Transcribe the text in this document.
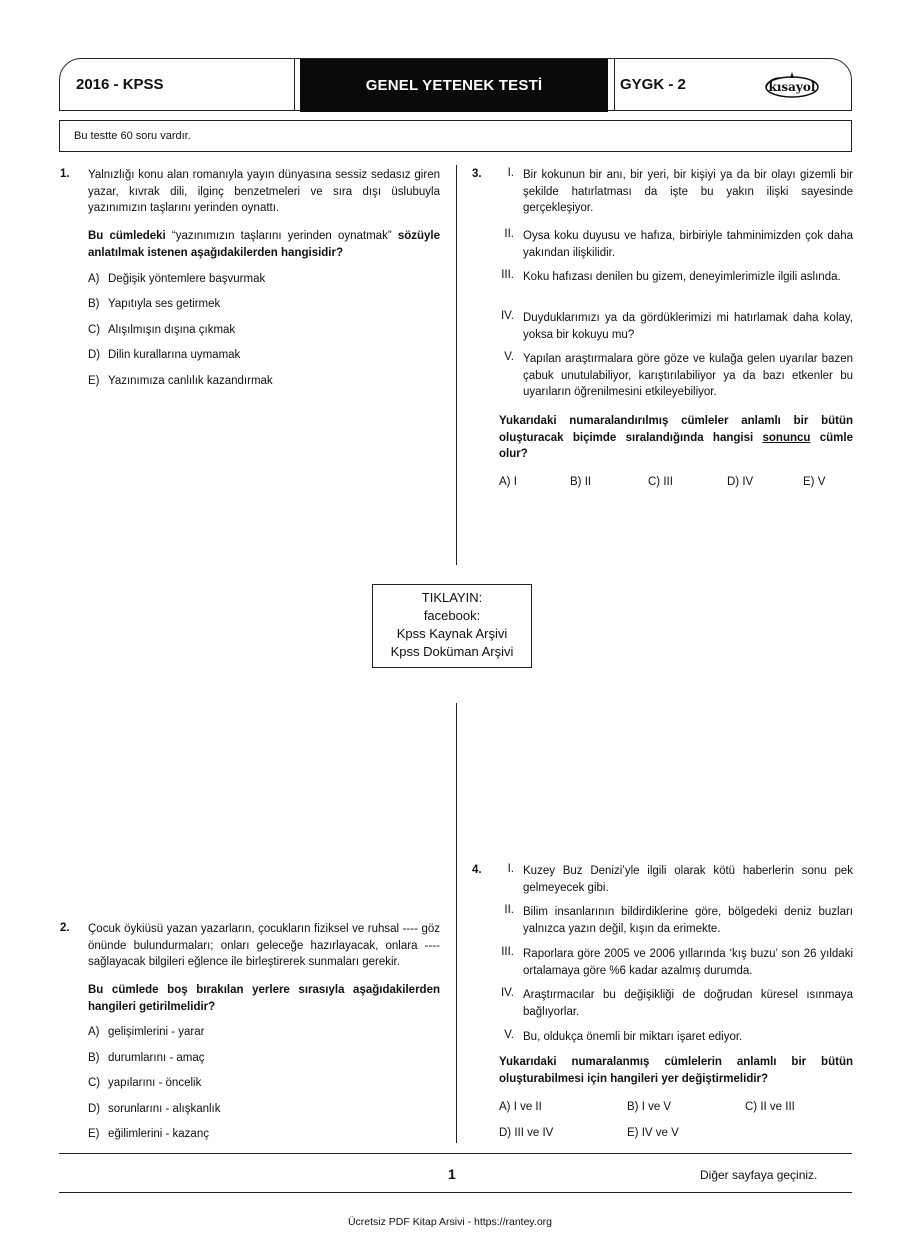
2016 - KPSS	GENEL YETENEK TESTİ	GYGK - 2	kısayol
Bu testte 60 soru vardır.
1. Yalnızlığı konu alan romanıyla yayın dünyasına sessiz sedasız giren yazar, kıvrak dili, ilginç benzetmeleri ve sıra dışı üslubuyla yazınımızın taşlarını yerinden oynattı.
Bu cümledeki “yazınımızın taşlarını yerinden oynatmak” sözüyle anlatılmak istenen aşağıdakilerden hangisidir?
A) Değişik yöntemlere başvurmak
B) Yapıtıyla ses getirmek
C) Alışılmışın dışına çıkmak
D) Dilin kurallarına uymamak
E) Yazınımıza canlılık kazandırmak
3.	I. Bir kokunun bir anı, bir yeri, bir kişiyi ya da bir olayı gizemli bir şekilde hatırlatması da işte bu yakın ilişki sayesinde gerçekleşiyor.
II. Oysa koku duyusu ve hafıza, birbiriyle tahminimizden çok daha yakından ilişkilidir.
III. Koku hafızası denilen bu gizem, deneyimlerimizle ilgili aslında.
IV. Duyduklarımızı ya da gördüklerimizi mi hatırlamak daha kolay, yoksa bir kokuyu mu?
V. Yapılan araştırmalara göre göze ve kulağa gelen uyarılar bazen çabuk unutulabiliyor, karıştırılabiliyor ya da bazı etkenler bu uyarıların öğrenilmesini etkileyebiliyor.
Yukarıdaki numaralandırılmış cümleler anlamlı bir bütün oluşturacak biçimde sıralandığında hangisi sonuncu cümle olur?
A) I	B) II	C) III	D) IV	E) V
TIKLAYIN:
facebook:
Kpss Kaynak Arşivi
Kpss Doküman Arşivi
4.	I. Kuzey Buz Denizi’yle ilgili olarak kötü haberlerin sonu pek gelmeyecek gibi.
II. Bilim insanlarının bildirdiklerine göre, bölgedeki deniz buzları yalnızca yazın değil, kışın da erimekte.
III. Raporlara göre 2005 ve 2006 yıllarında ‘kış buzu’ son 26 yıldaki ortalamaya göre %6 kadar azalmış durumda.
IV. Araştırmacılar bu değişikliği de doğrudan küresel ısınmaya bağlıyorlar.
V. Bu, oldukça önemli bir miktarı işaret ediyor.
Yukarıdaki numaralanmış cümlelerin anlamlı bir bütün oluşturabilmesi için hangileri yer değiştirmelidir?
A) I ve II	B) I ve V	C) II ve III
D) III ve IV	E) IV ve V
2. Çocuk öykiüsü yazan yazarların, çocukların fiziksel ve ruhsal ---- göz önünde bulundurmaları; onları geleceğe hazırlayacak, onlara ---- sağlayacak bilgileri eğlence ile birleştirerek sunmaları gerekir.
Bu cümlede boş bırakılan yerlere sırasıyla aşağıdakilerden hangileri getirilmelidir?
A) gelişimlerini - yarar
B) durumlarını - amaç
C) yapılarını - öncelik
D) sorunlarını - alışkanlık
E) eğilimlerini - kazanç
1	Diğer sayfaya geçiniz.
Ücretsiz PDF Kitap Arsivi - https://rantey.org
